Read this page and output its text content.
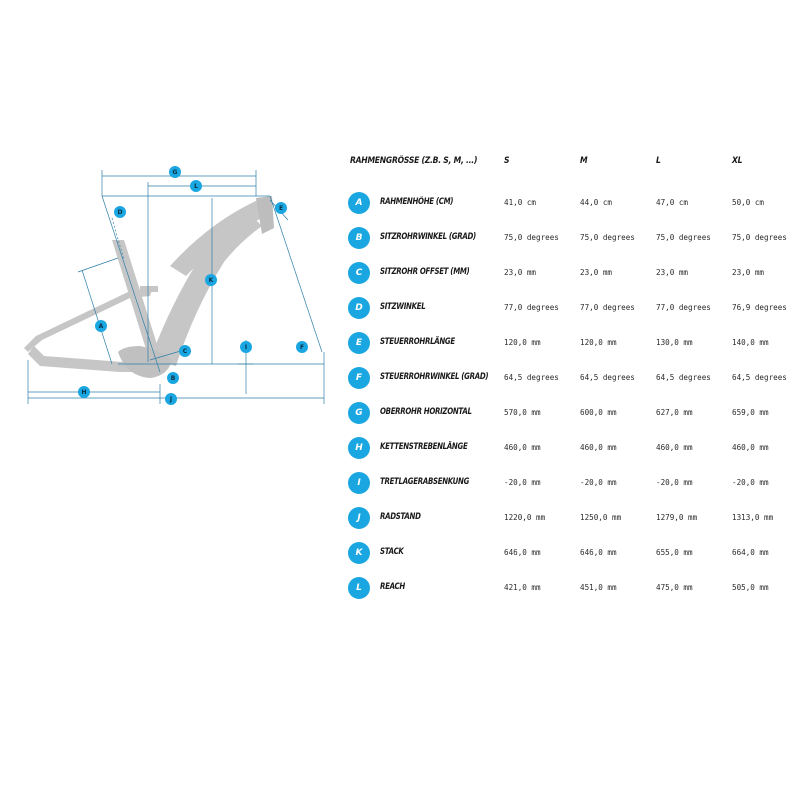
G
L
D
E
K
A
C
I	F
B
H
J
RAHMENGRÖSSE (Z.B. S, M, ...)	S	M	L	XL
A	RAHMENHÖHE (CM)	41,0 cm	44,0 cm	47,0 cm	50,0 cm
B	SITZROHRWINKEL (GRAD)	75,0 degrees	75,0 degrees	75,0 degrees	75,0 degrees
C	SITZROHR OFFSET (MM)	23,0 mm	23,0 mm	23,0 mm	23,0 mm
D	SITZWINKEL	77,0 degrees	77,0 degrees	77,0 degrees	76,9 degrees
E	STEUERROHRLÄNGE	120,0 mm	120,0 mm	130,0 mm	140,0 mm
F	STEUERROHRWINKEL (GRAD) 64,5 degrees	64,5 degrees	64,5 degrees	64,5 degrees
G	OBERROHR HORIZONTAL	570,0 mm	600,0 mm	627,0 mm	659,0 mm
H	KETTENSTREBENLÄNGE	460,0 mm	460,0 mm	460,0 mm	460,0 mm
I	TRETLAGERABSENKUNG	-20,0 mm	-20,0 mm	-20,0 mm	-20,0 mm
J	RADSTAND	1220,0 mm	1250,0 mm	1279,0 mm	1313,0 mm
K	STACK	646,0 mm	646,0 mm	655,0 mm	664,0 mm
L	REACH	421,0 mm	451,0 mm	475,0 mm	505,0 mm
